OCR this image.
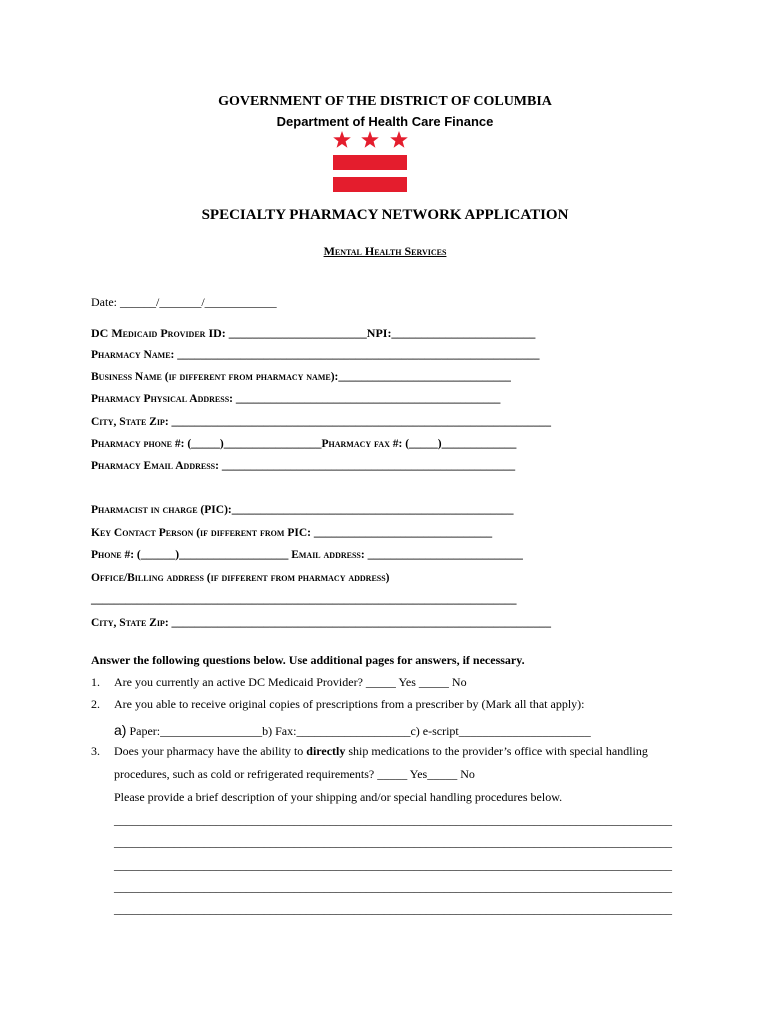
GOVERNMENT OF THE DISTRICT OF COLUMBIA
Department of Health Care Finance
SPECIALTY PHARMACY NETWORK APPLICATION
Mental Health Services
Date: ______/_______/____________
DC Medicaid Provider ID: _______________________NPI:________________________
Pharmacy Name: _______________________________________________________________
Business Name (if different from pharmacy name):______________________________
Pharmacy Physical Address: ______________________________________________
City, State Zip: __________________________________________________________________
Pharmacy phone #: (_____)_________________Pharmacy fax #: (_____)_____________
Pharmacy Email Address: ___________________________________________________
Pharmacist in charge (PIC):_________________________________________________
Key Contact Person (if different from PIC: _______________________________
Phone #: (______)___________________ Email address: ___________________________
Office/Billing address (if different from pharmacy address)
__________________________________________________________________________
City, State Zip: __________________________________________________________________
Answer the following questions below. Use additional pages for answers, if necessary.
1. Are you currently an active DC Medicaid Provider? _____ Yes _____ No
2. Are you able to receive original copies of prescriptions from a prescriber by (Mark all that apply):
a) Paper:_________________b) Fax:___________________c) e-script______________________
3. Does your pharmacy have the ability to directly ship medications to the provider’s office with special handling
procedures, such as cold or refrigerated requirements? _____ Yes_____ No
Please provide a brief description of your shipping and/or special handling procedures below.
_____________________________________________________________________________________________
_____________________________________________________________________________________________
_____________________________________________________________________________________________
_____________________________________________________________________________________________
_____________________________________________________________________________________________
